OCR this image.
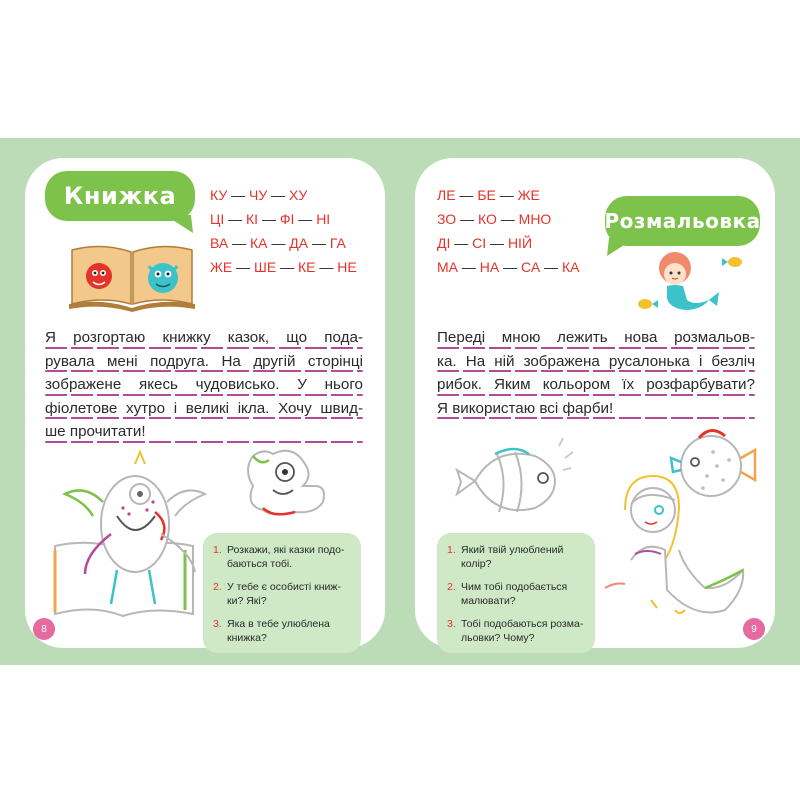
Книжка КУ — ЧУ — ХУ
ЦІ — КІ — ФІ — НІ
ВА — КА — ДА — ГА
ЖЕ — ШЕ — КЕ — НЕ
Я розгортаю книжку казок, що пода-
рувала мені подруга. На другій сторінці
зображене якесь чудовисько. У нього
фіолетове хутро і великі ікла. Хочу швид-
ше прочитати!
1. Розкажи, які казки подо-баються тобі.
2. У тебе є особисті книж-ки? Які?
3. Яка в тебе улюблена книжка?
8
ЛЕ — БЕ — ЖЕ
ЗО — КО — МНО
ДІ — СІ — НІЙ
МА — НА — СА — КА
Розмальовка
Переді мною лежить нова розмальов-
ка. На ній зображена русалонька і безліч
рибок. Яким кольором їх розфарбувати?
Я використаю всі фарби!
1. Який твій улюблений колір?
2. Чим тобі подобається малювати?
3. Тобі подобаються розма-льовки? Чому?
9
